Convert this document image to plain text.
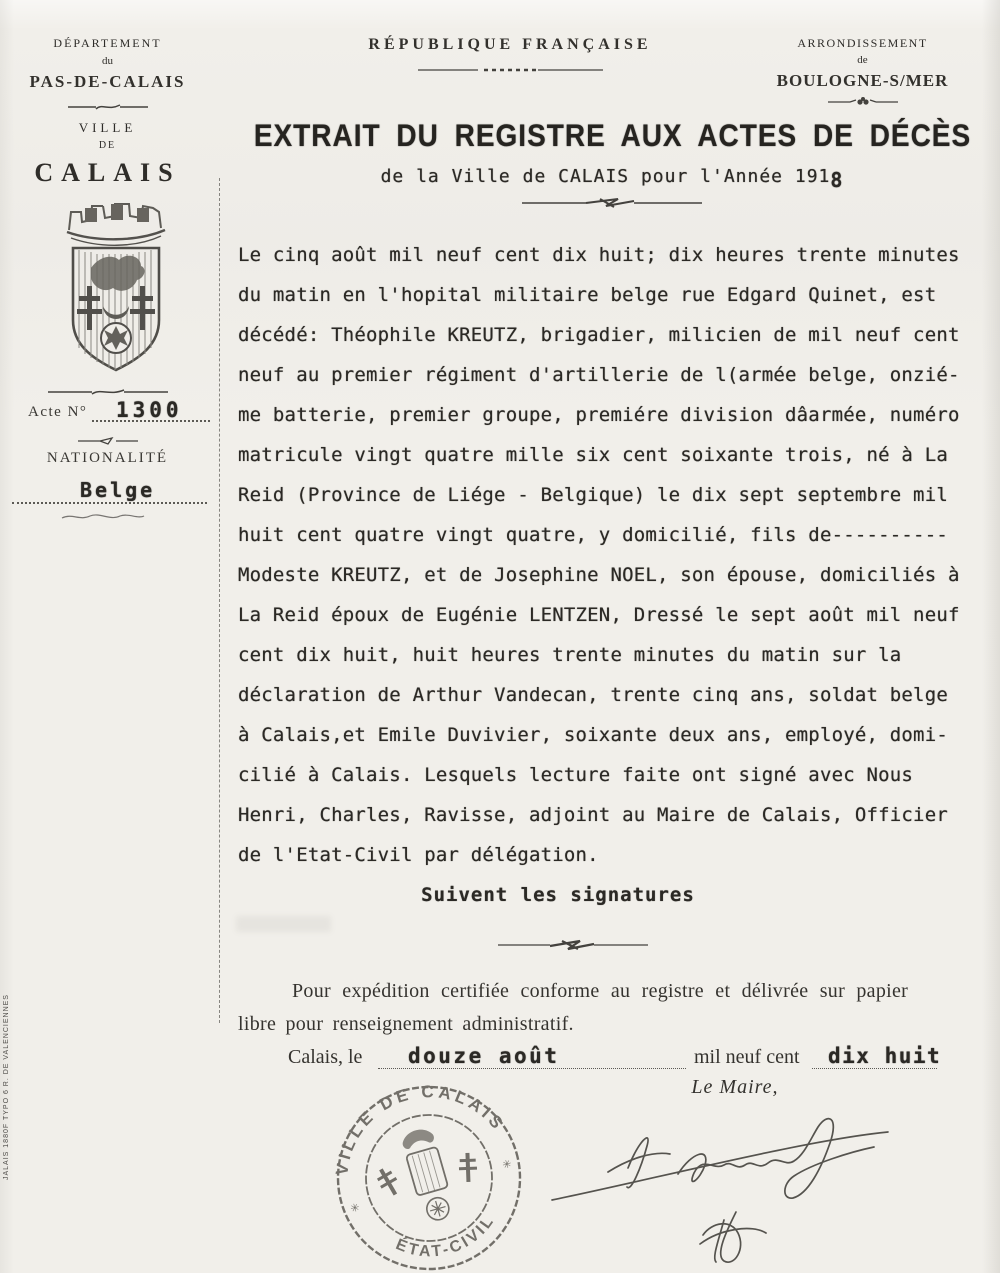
DÉPARTEMENT
du
PAS-DE-CALAIS
VILLE
DE
CALAIS
Acte N° 1300
NATIONALITÉ
Belge
JALAIS 1880F TYPO 6 R. DE VALENCIENNES
RÉPUBLIQUE FRANÇAISE	ARRONDISSEMENT
de
BOULOGNE-S/MER
EXTRAIT DU REGISTRE AUX ACTES DE DÉCÈS
de la Ville de CALAIS pour l'Année 1918
Le cinq août mil neuf cent dix huit; dix heures trente minutes
du matin en l'hopital militaire belge rue Edgard Quinet, est
décédé: Théophile KREUTZ, brigadier, milicien de mil neuf cent
neuf au premier régiment d'artillerie de l(armée belge, onzié-
me batterie, premier groupe, premiére division dâarmée, numéro
matricule vingt quatre mille six cent soixante trois, né à La
Reid (Province de Liége - Belgique) le dix sept septembre mil
huit cent quatre vingt quatre, y domicilié, fils de----------
Modeste KREUTZ, et de Josephine NOEL, son épouse, domiciliés à
La Reid époux de Eugénie LENTZEN, Dressé le sept août mil neuf
cent dix huit, huit heures trente minutes du matin sur la
déclaration de Arthur Vandecan, trente cinq ans, soldat belge
à Calais,et Emile Duvivier, soixante deux ans, employé, domi-
cilié à Calais. Lesquels lecture faite ont signé avec Nous
Henri, Charles, Ravisse, adjoint au Maire de Calais, Officier
de l'Etat-Civil par délégation.
Suivent les signatures
Pour expédition certifiée conforme au registre et délivrée sur papier
libre pour renseignement administratif.
Calais, le douze août	mil neuf cent dix huit
Le Maire,
VILLE DE CALAIS
ÉTAT-CIVIL
✳
✳
